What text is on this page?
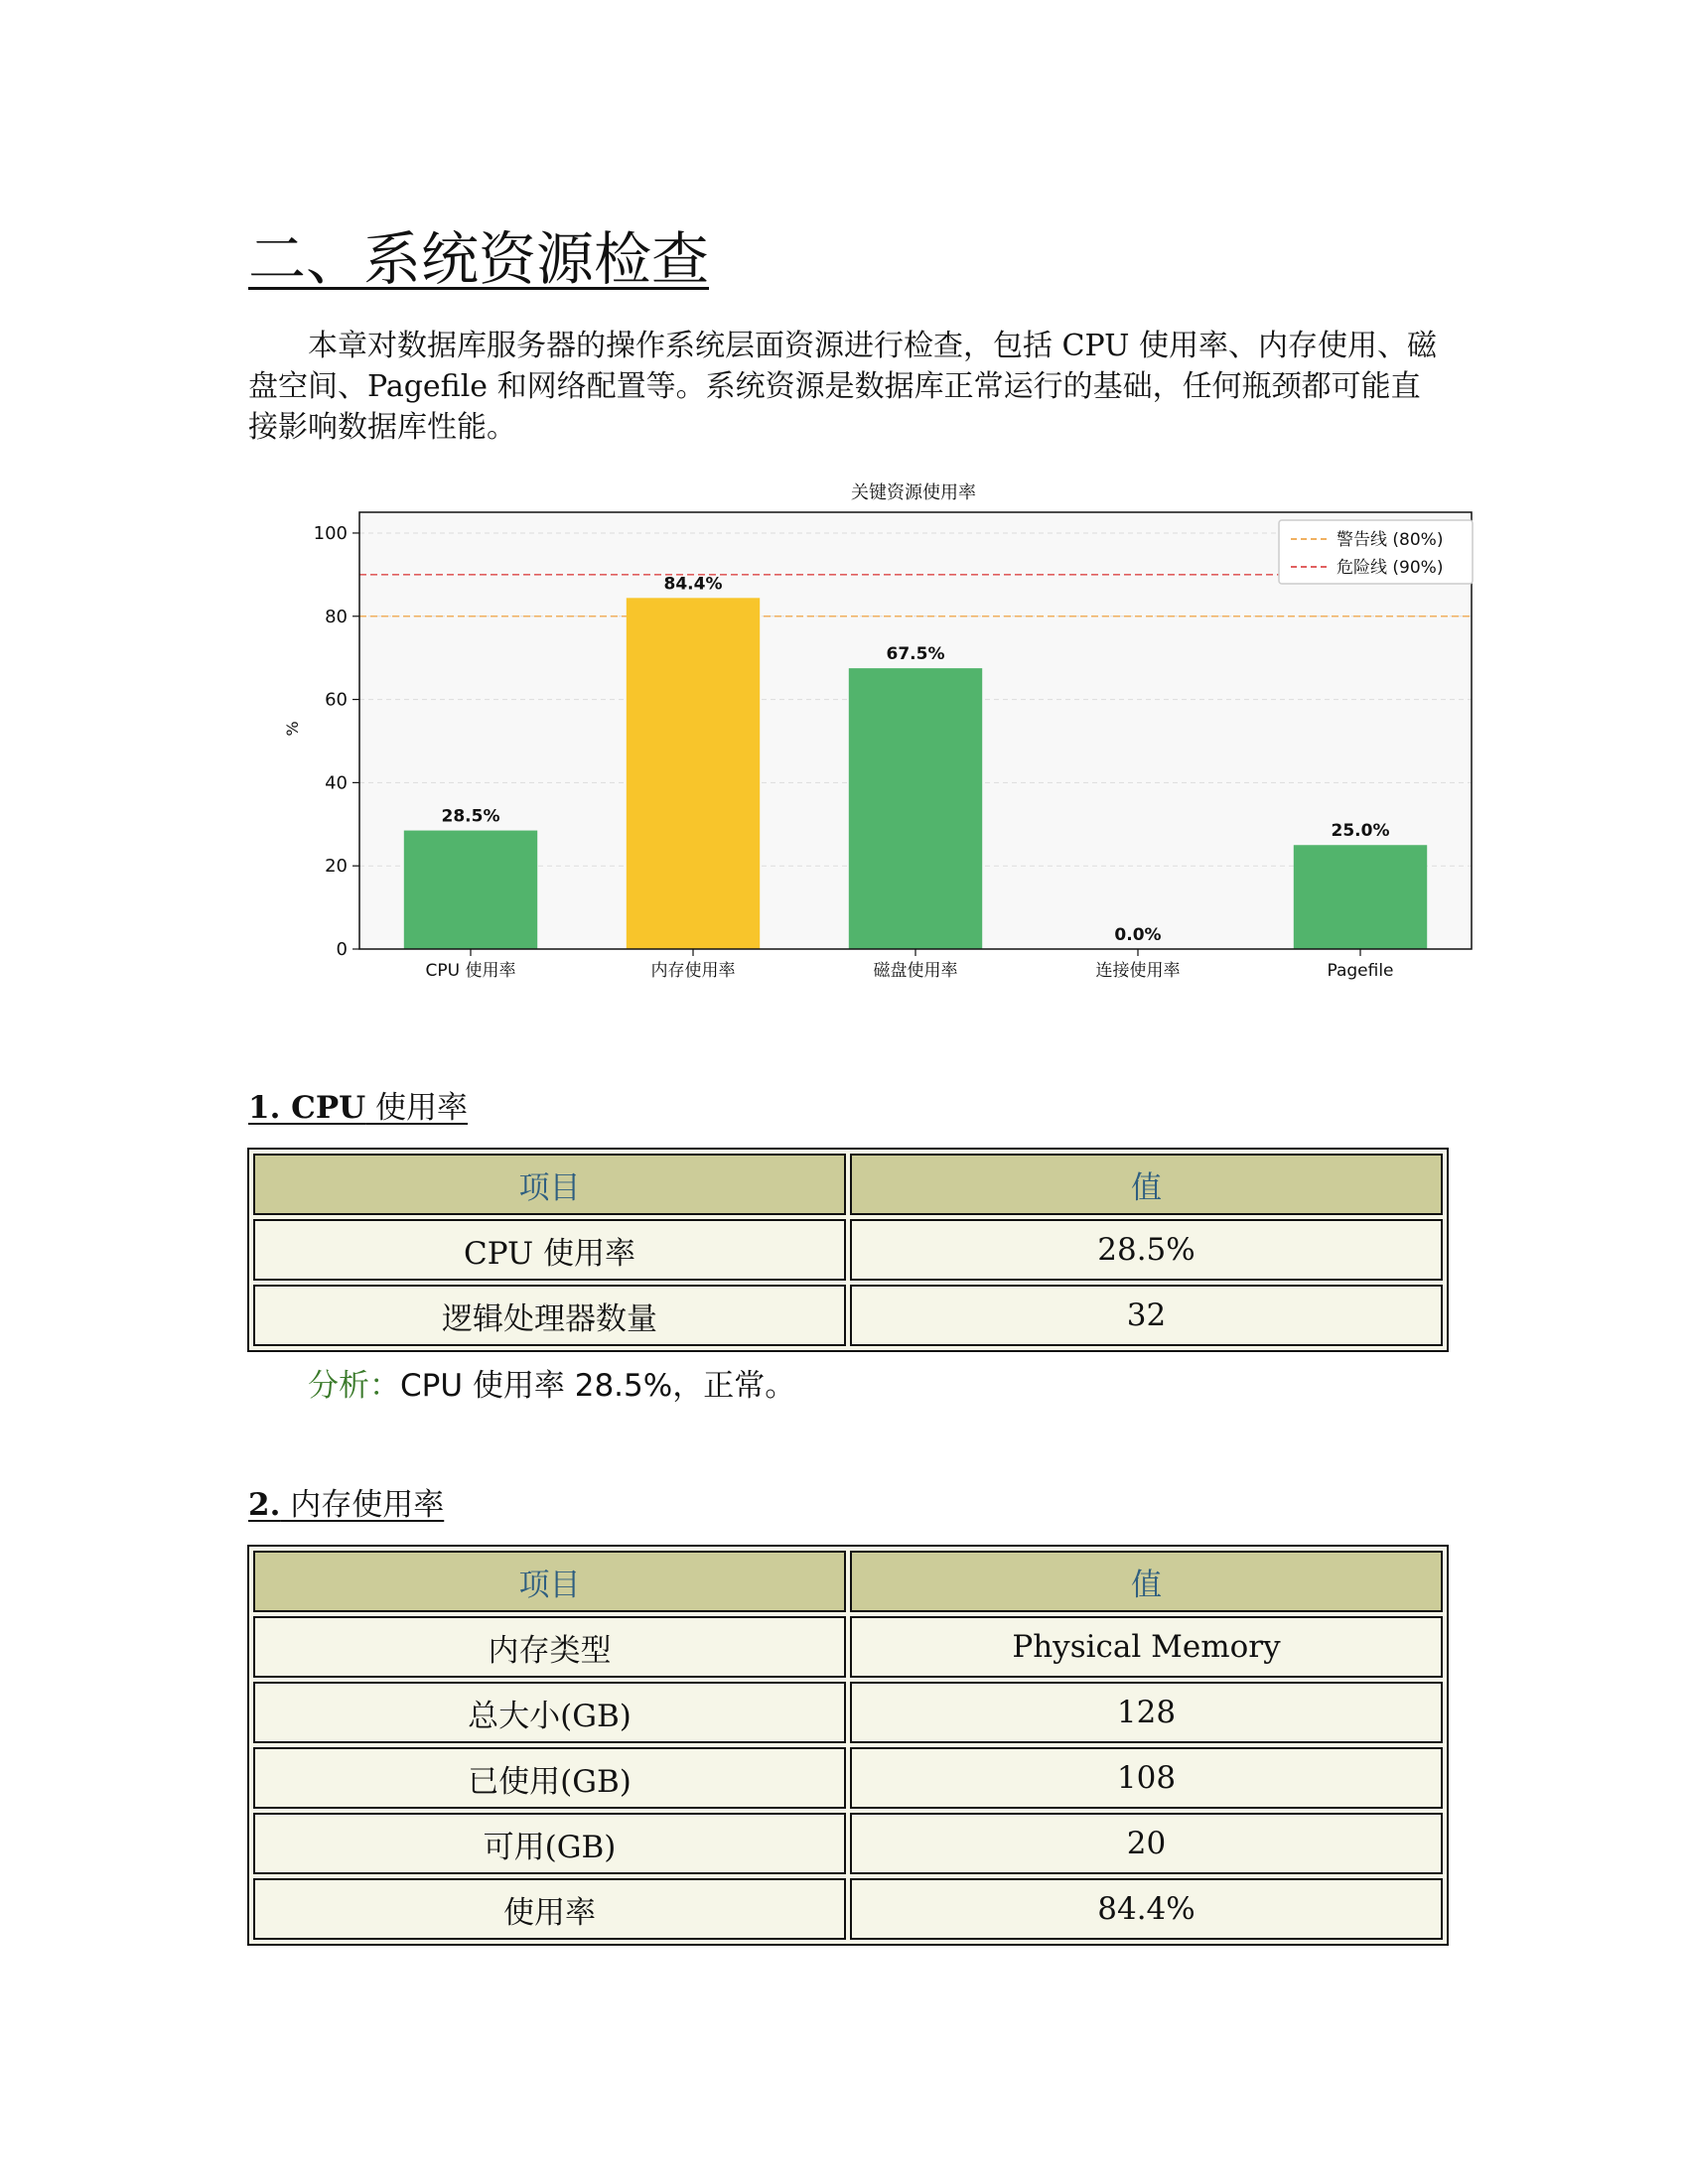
二、系统资源检查

本章对数据库服务器的操作系统层面资源进行检查，包括 CPU 使用率、内存使用、磁盘空间、Pagefile 和网络配置等。系统资源是数据库正常运行的基础，任何瓶颈都可能直接影响数据库性能。

关键资源使用率
%
0
20
40
60
80
100
28.5%
CPU 使用率
84.4%
内存使用率
67.5%
磁盘使用率
0.0%
连接使用率
25.0%
Pagefile
警告线 (80%)
危险线 (90%)
1. CPU 使用率
项目	值
CPU 使用率	28.5%
逻辑处理器数量	32

分析：CPU 使用率 28.5%，正常。

2. 内存使用率
项目	值
内存类型	Physical Memory
总大小(GB)	128
已使用(GB)	108
可用(GB)	20
使用率	84.4%
